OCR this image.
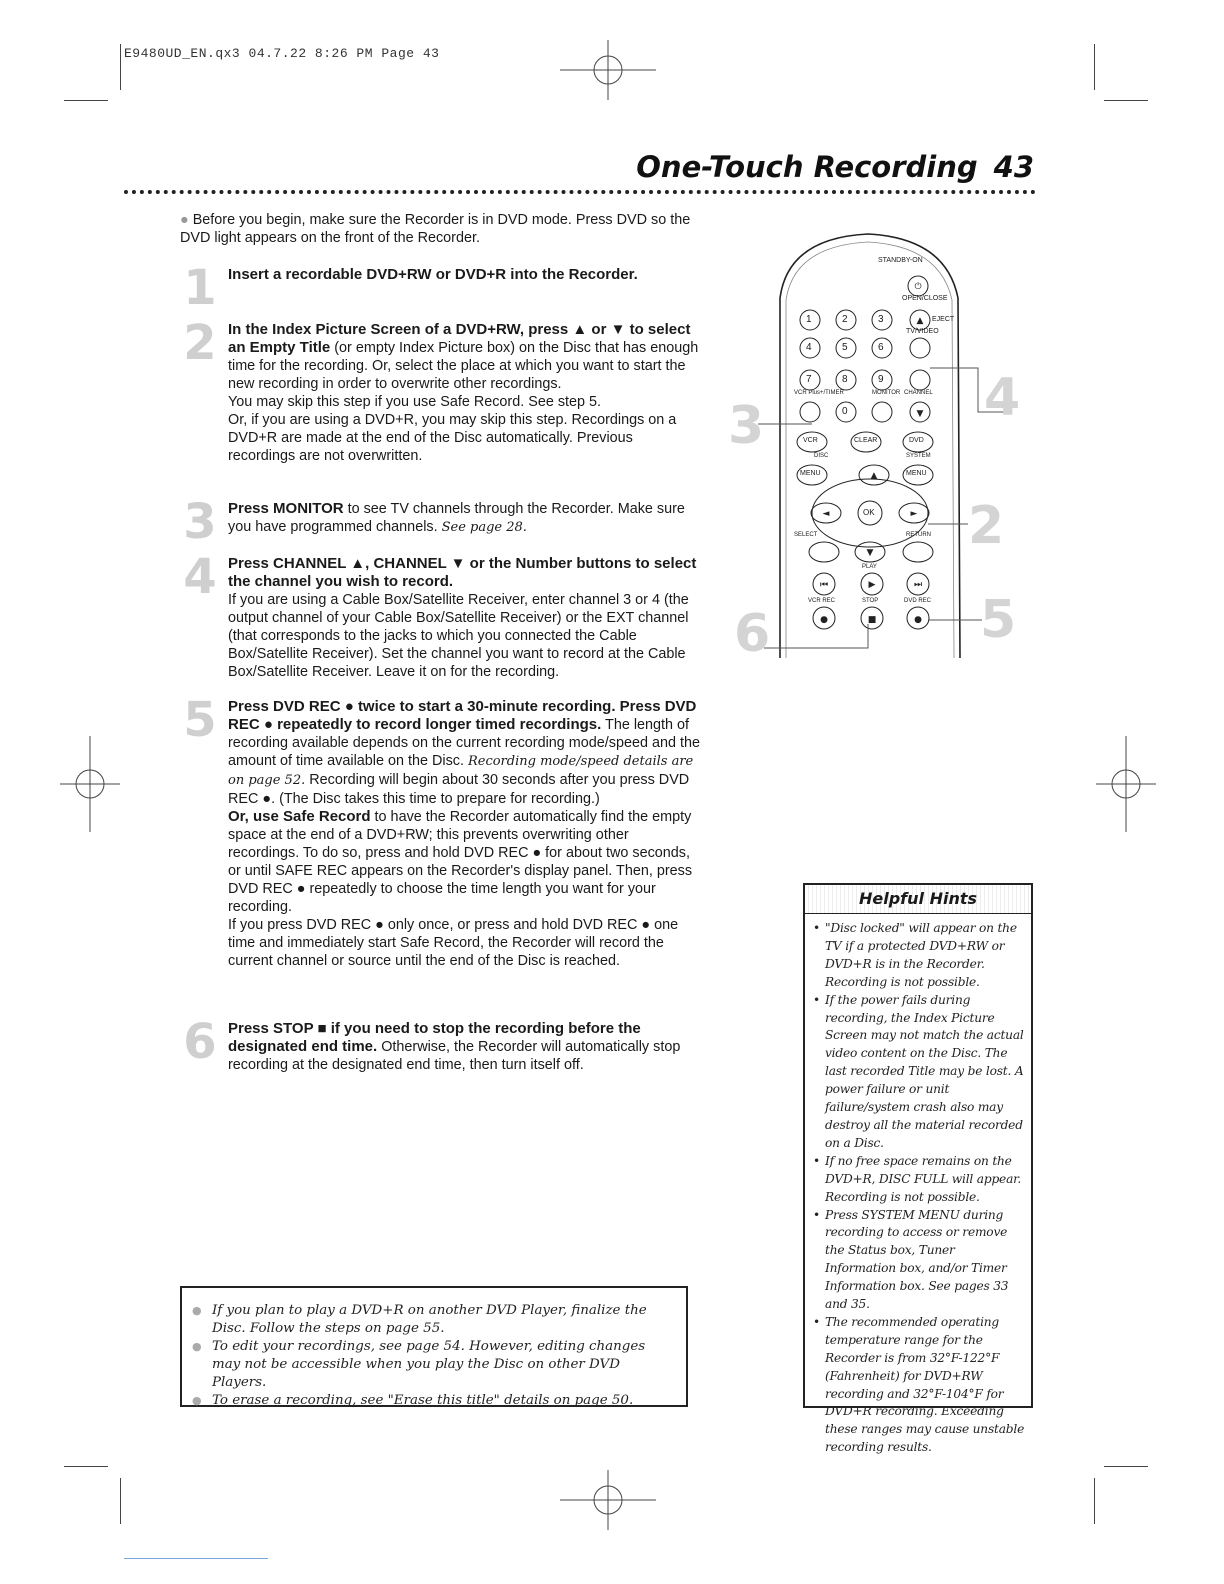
E9480UD_EN.qx3 04.7.22 8:26 PM Page 43
One-Touch Recording 43
● Before you begin, make sure the Recorder is in DVD mode. Press DVD so the DVD light appears on the front of the Recorder.
1 Insert a recordable DVD+RW or DVD+R into the Recorder.
2 In the Index Picture Screen of a DVD+RW, press ▲ or ▼ to select an Empty Title (or empty Index Picture box) on the Disc that has enough time for the recording. Or, select the place at which you want to start the new recording in order to overwrite other recordings.
You may skip this step if you use Safe Record. See step 5.
Or, if you are using a DVD+R, you may skip this step. Recordings on a DVD+R are made at the end of the Disc automatically. Previous recordings are not overwritten.
3 Press MONITOR to see TV channels through the Recorder. Make sure you have programmed channels. See page 28.
4 Press CHANNEL ▲, CHANNEL ▼ or the Number buttons to select the channel you wish to record.
If you are using a Cable Box/Satellite Receiver, enter channel 3 or 4 (the output channel of your Cable Box/Satellite Receiver) or the EXT channel (that corresponds to the jacks to which you connected the Cable Box/Satellite Receiver). Set the channel you want to record at the Cable Box/Satellite Receiver. Leave it on for the recording.
5 Press DVD REC ● twice to start a 30-minute recording. Press DVD REC ● repeatedly to record longer timed recordings. The length of recording available depends on the current recording mode/speed and the amount of time available on the Disc. Recording mode/speed details are on page 52. Recording will begin about 30 seconds after you press DVD REC ●. (The Disc takes this time to prepare for recording.)
Or, use Safe Record to have the Recorder automatically find the empty space at the end of a DVD+RW; this prevents overwriting other recordings. To do so, press and hold DVD REC ● for about two seconds, or until SAFE REC appears on the Recorder's display panel. Then, press DVD REC ● repeatedly to choose the time length you want for your recording.
If you press DVD REC ● only once, or press and hold DVD REC ● one time and immediately start Safe Record, the Recorder will record the current channel or source until the end of the Disc is reached.
6 Press STOP ■ if you need to stop the recording before the designated end time. Otherwise, the Recorder will automatically stop recording at the designated end time, then turn itself off.
⏻
▲
▼
▲
▼
◄	►
⏮	▶	⏭
●	■	●
STANDBY-ON
OPEN/CLOSE
EJECT
TV/VIDEO
VCR Plus+/TIMER	MONITOR CHANNEL
DISC	SYSTEM
SELECT	RETURN
PLAY
VCR REC	STOP	DVD REC
1	2	3
4	5	6
7	8	9
0
VCR	CLEAR	DVD
MENU	MENU
OK
3	4
2
5
6
● If you plan to play a DVD+R on another DVD Player, finalize the Disc. Follow the steps on page 55.
● To edit your recordings, see page 54. However, editing changes may not be accessible when you play the Disc on other DVD Players.
● To erase a recording, see "Erase this title" details on page 50.
Helpful Hints
• "Disc locked" will appear on the TV if a protected DVD+RW or DVD+R is in the Recorder. Recording is not possible.
• If the power fails during recording, the Index Picture Screen may not match the actual video content on the Disc. The last recorded Title may be lost. A power failure or unit failure/system crash also may destroy all the material recorded on a Disc.
• If no free space remains on the DVD+R, DISC FULL will appear. Recording is not possible.
• Press SYSTEM MENU during recording to access or remove the Status box, Tuner Information box, and/or Timer Information box. See pages 33 and 35.
• The recommended operating temperature range for the Recorder is from 32°F-122°F (Fahrenheit) for DVD+RW recording and 32°F-104°F for DVD+R recording. Exceeding these ranges may cause unstable recording results.
